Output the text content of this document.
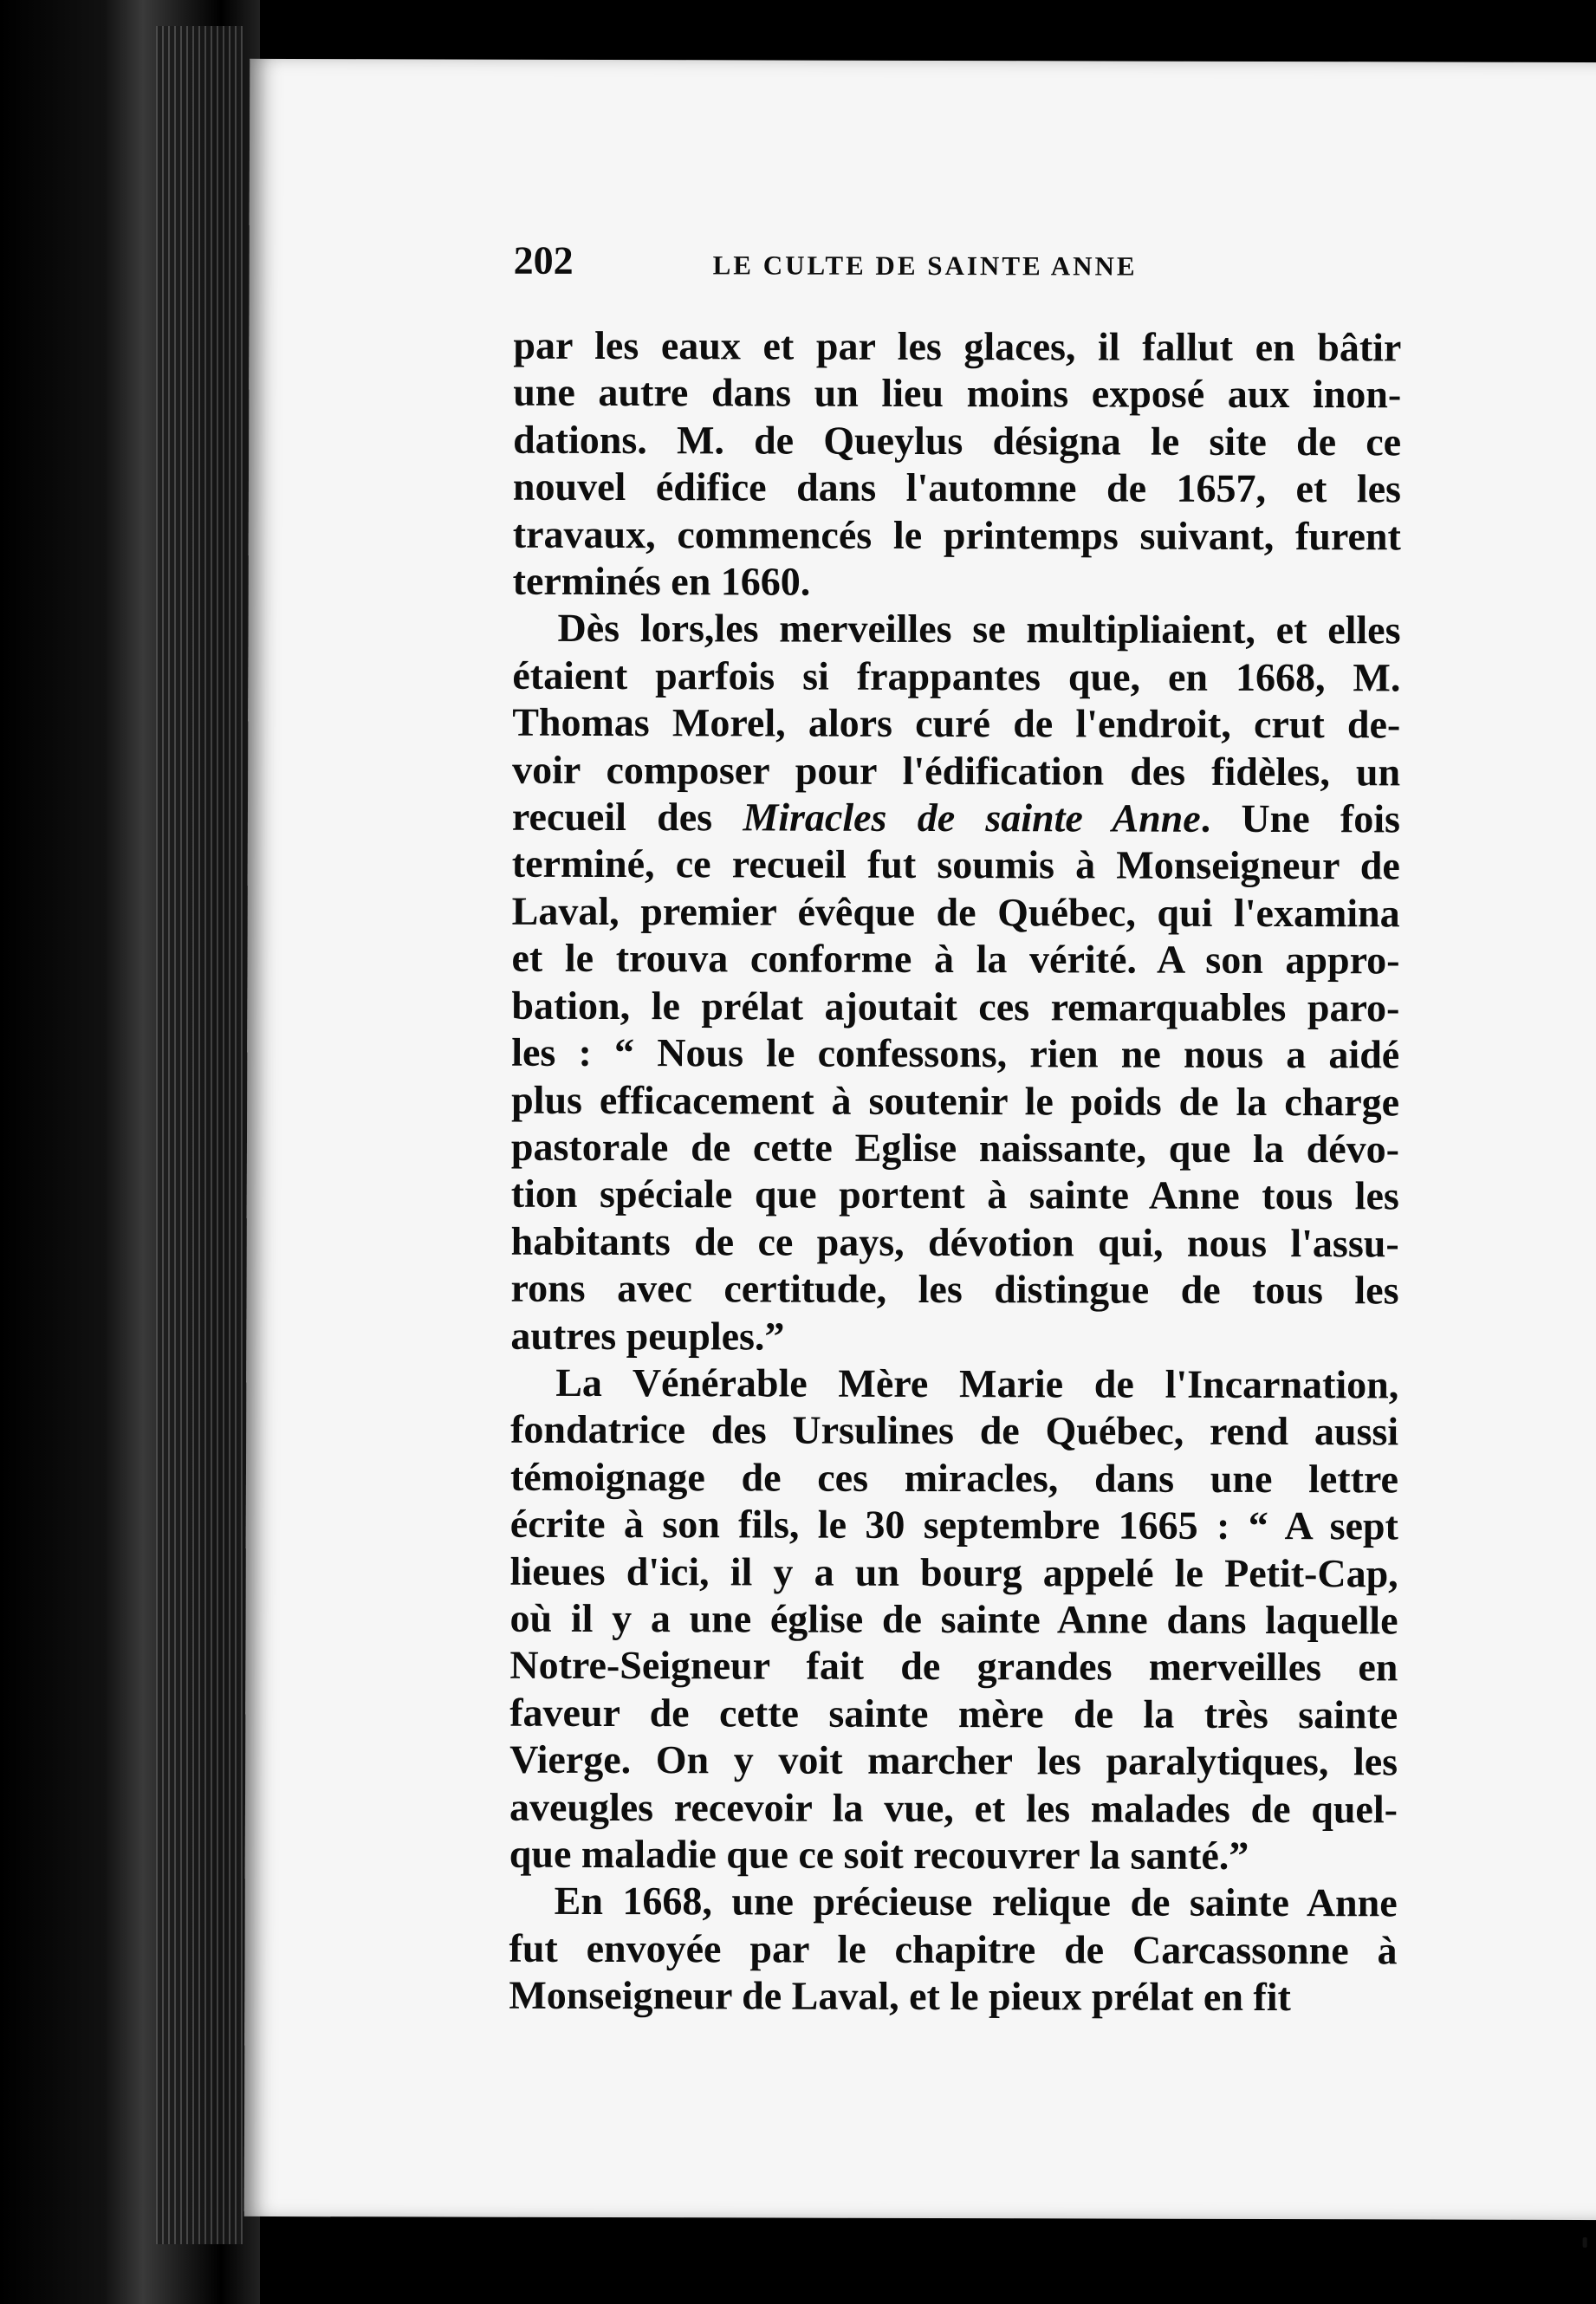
202	LE CULTE DE SAINTE ANNE

par les eaux et par les glaces, il fallut en bâtir
une autre dans un lieu moins exposé aux inon-
dations. M. de Queylus désigna le site de ce
nouvel édifice dans l'automne de 1657, et les
travaux, commencés le printemps suivant, furent
terminés en 1660.

Dès lors,les merveilles se multipliaient, et elles
étaient parfois si frappantes que, en 1668, M.
Thomas Morel, alors curé de l'endroit, crut de-
voir composer pour l'édification des fidèles, un
recueil des Miracles de sainte Anne. Une fois
terminé, ce recueil fut soumis à Monseigneur de
Laval, premier évêque de Québec, qui l'examina
et le trouva conforme à la vérité. A son appro-
bation, le prélat ajoutait ces remarquables paro-
les : “ Nous le confessons, rien ne nous a aidé
plus efficacement à soutenir le poids de la charge
pastorale de cette Eglise naissante, que la dévo-
tion spéciale que portent à sainte Anne tous les
habitants de ce pays, dévotion qui, nous l'assu-
rons avec certitude, les distingue de tous les
autres peuples.”

La Vénérable Mère Marie de l'Incarnation,
fondatrice des Ursulines de Québec, rend aussi
témoignage de ces miracles, dans une lettre
écrite à son fils, le 30 septembre 1665 : “ A sept
lieues d'ici, il y a un bourg appelé le Petit-Cap,
où il y a une église de sainte Anne dans laquelle
Notre-Seigneur fait de grandes merveilles en
faveur de cette sainte mère de la très sainte
Vierge. On y voit marcher les paralytiques, les
aveugles recevoir la vue, et les malades de quel-
que maladie que ce soit recouvrer la santé.”

En 1668, une précieuse relique de sainte Anne
fut envoyée par le chapitre de Carcassonne à
Monseigneur de Laval, et le pieux prélat en fit
